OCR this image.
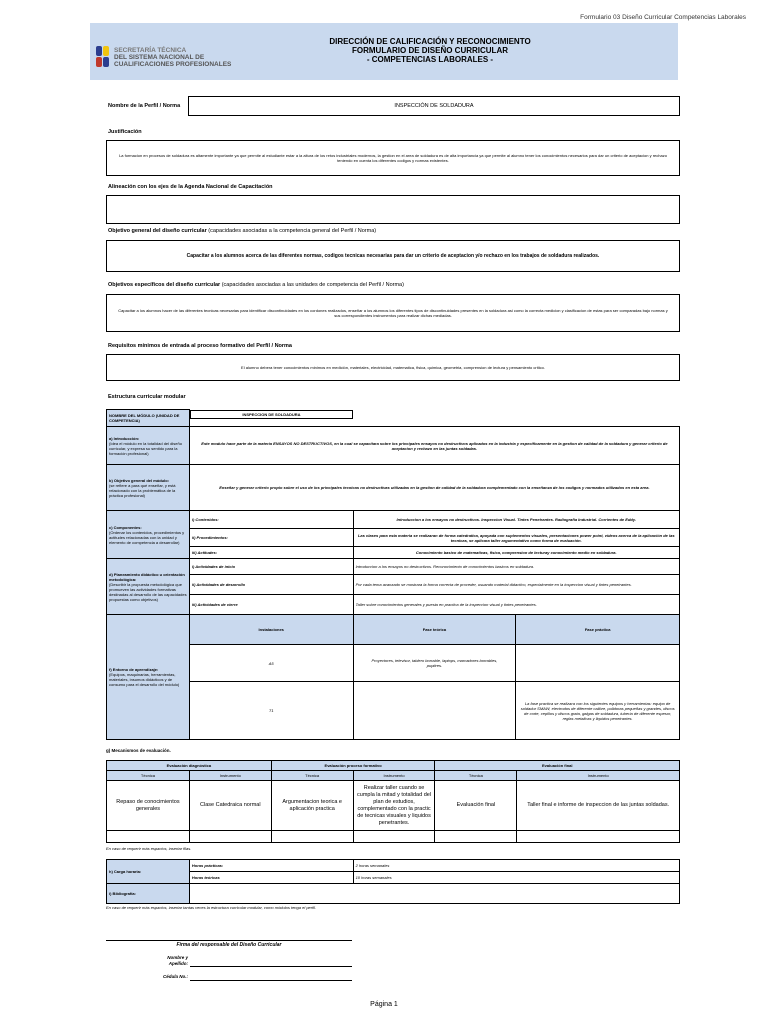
Formulario 03 Diseño Curricular Competencias Laborales
SECRETARÍA TÉCNICA
DEL SISTEMA NACIONAL DE
CUALIFICACIONES PROFESIONALES
DIRECCIÓN DE CALIFICACIÓN Y RECONOCIMIENTO
FORMULARIO DE DISEÑO CURRICULAR
- COMPETENCIAS LABORALES -
Nombre de la Perfil / Norma	INSPECCIÓN DE SOLDADURA
Justificación
La formacion en procesos de soldadura es altamente importante ya que permite al estudiante estar a la altura de los retos industriales modernos, la gestion en el area de soldadura es de alta importancia ya que permite al alumno tener los conocimientos necesarios para dar un criterio de aceptacion y rechazo teniendo en cuenta los diferentes codigos y normas existentes.
Alineación con los ejes de la Agenda Nacional de Capacitación
Objetivo general del diseño curricular (capacidades asociadas a la competencia general del Perfil / Norma)
Capacitar a los alumnos acerca de las diferentes normas, codigos tecnicas necesarias para dar un criterio de aceptacion y/o rechazo en los trabajos de soldadura realizados.
Objetivos específicos del diseño curricular (capacidades asociadas a las unidades de competencia del Perfil / Norma)
Capacitar a los alumnos hacer de las diferentes tecnicas necesarias para identificar discontinuidades en los cordones realizados, enseñar a los alumnos los diferentes tipos de discontinuidades presentes en la soldadura asi como la correcta medicion y clasificacion de estas para ser comparadas bajo normas y sus correspondientes instrumentos para realizar dichas mediadas.
Requisitos mínimos de entrada al proceso formativo del Perfil / Norma
El alumno debera tener conocimientos minimos en mediciòn, materiales, electricidad, matematica, fisica, quimica, geometria, comprension de lectura y pensamiento critico.
Estructura curricular modular
NOMBRE DEL MÓDULO (UNIDAD DE COMPETENCIA)	
INSPECCION DE SOLDADURA

a) Introducción:
(Idea el módulo en la totalidad del diseño curricular, y expresa su sentido para la formación profesional)	Este modulo hace parte de la materia ENSAYOS NO DESTRUCTIVOS, en la cual se capacitara sobre los principales ensayos no destructivos aplicados en la industria y especificamente en la gestion de calidad de la soldadura y generar criterio de aceptacion y rechazo en las juntas soldadas.		

b) Objetivo general del módulo:
(se refiere a para qué enseñar, y está relacionado con la problemática de la práctica profesional)	Enseñar y generar criterio propio sobre el uso de los principales tecnicas no destructivas utilizadas en la gestion de calidad de la soldadura complementado con la enseñanza de los codigos y normados utilizados en esta area.		

c) Componentes:
(Ordenar los contenidos, procedimientos y actitudes relacionadas con la unidad y elemento de competencia a desarrollar)	i) Contenidos:	Introduccion a los ensayos no destructivos. Inspeccion Visual. Tintes Penetrantes. Radiografia Industrial. Corrientes de Eddy.	
	ii) Procedimientos:	Las clases para esta materia se realizaran de forma catedratica, apoyada con suplementos visuales, presentaciones power point, videos acerca de la aplicación de las tecnicas, se aplicara taller argumentativo como forma de evaluación.	
	iii) Actitudes:	Conocimiento basico de matematicas, fisica, comprension de lecturay conocimiento medio en soldadura.	

d) Planeamiento didáctico u orientación metodológica:
(Describir la propuesta metodológica que promueven las actividades formativas destinadas al desarrollo de las capacidades propuestas como objetivos)	i) Actividades de inicio	Introduccion a los ensayos no destructivos. Reconocimiento de conocimientos basicos en soldadura.	
	ii) Actividades de desarrollo	Por cada tema avanzado se mostrara la forma correcta de proceder, usuando material didactico, especialmente en la inspeccion visual y tintes penetrantes.	
	iii) Actividades de cierre	Taller sobre conocimientos generales y puesta en practica de la inspeccion visual y tintes penetrantes.	

f) Entorno de aprendizaje:
(Equipos, maquinarias, herramientas, materiales, insumos didácticos y de consumo para el desarrollo del módulo)	Instalaciones	Fase teórica	Fase práctica
	A5	Proyectores, televisor, tablero borrable, laptops, marcadores borrables, pupitres.	
	T1		La fase practica se realizara con los siguientes equipos y herramientas: equipo de soldadur SMAW, electrodos de diferente calibre, pulidoras pequeñas y grandes, discos de corte, cepillos y discos grata, galgas de soldadura, tubería de diferente espesor, reglas metalicas y liquidos penetrantes.
g) Mecanismos de evaluación.
Evaluación diagnóstica		Evaluación proceso formativo		Evaluación final	
Técnica	Instrumento	Técnica	Instrumento	Técnica	Instrumento
Repaso de conocimientos generales	Clase Catedraica normal	Argumentacion teorica e aplicación practica	Realizar taller cuando se cumpla la mitad y totalidad del plan de estudios, complementado con la practic de tecnicas visuales y liquidos penetrantes.	Evaluación final	Taller final e informe de inspeccion de las juntas soldadas.

En caso de requerir más espacios, insertar filas.
h) Carga horaria:	Horas prácticas:	2 horas semanales
	Horas teóricas	10 horas semanales
i) Bibliografía:		
En caso de requerir más espacios, insertar tantas veces la estructura curricular modular, como módulos tenga el perfil.
Firma del responsable del Diseño Curricular
Nombre y Apellido:
Cédula No.:
Página 1
